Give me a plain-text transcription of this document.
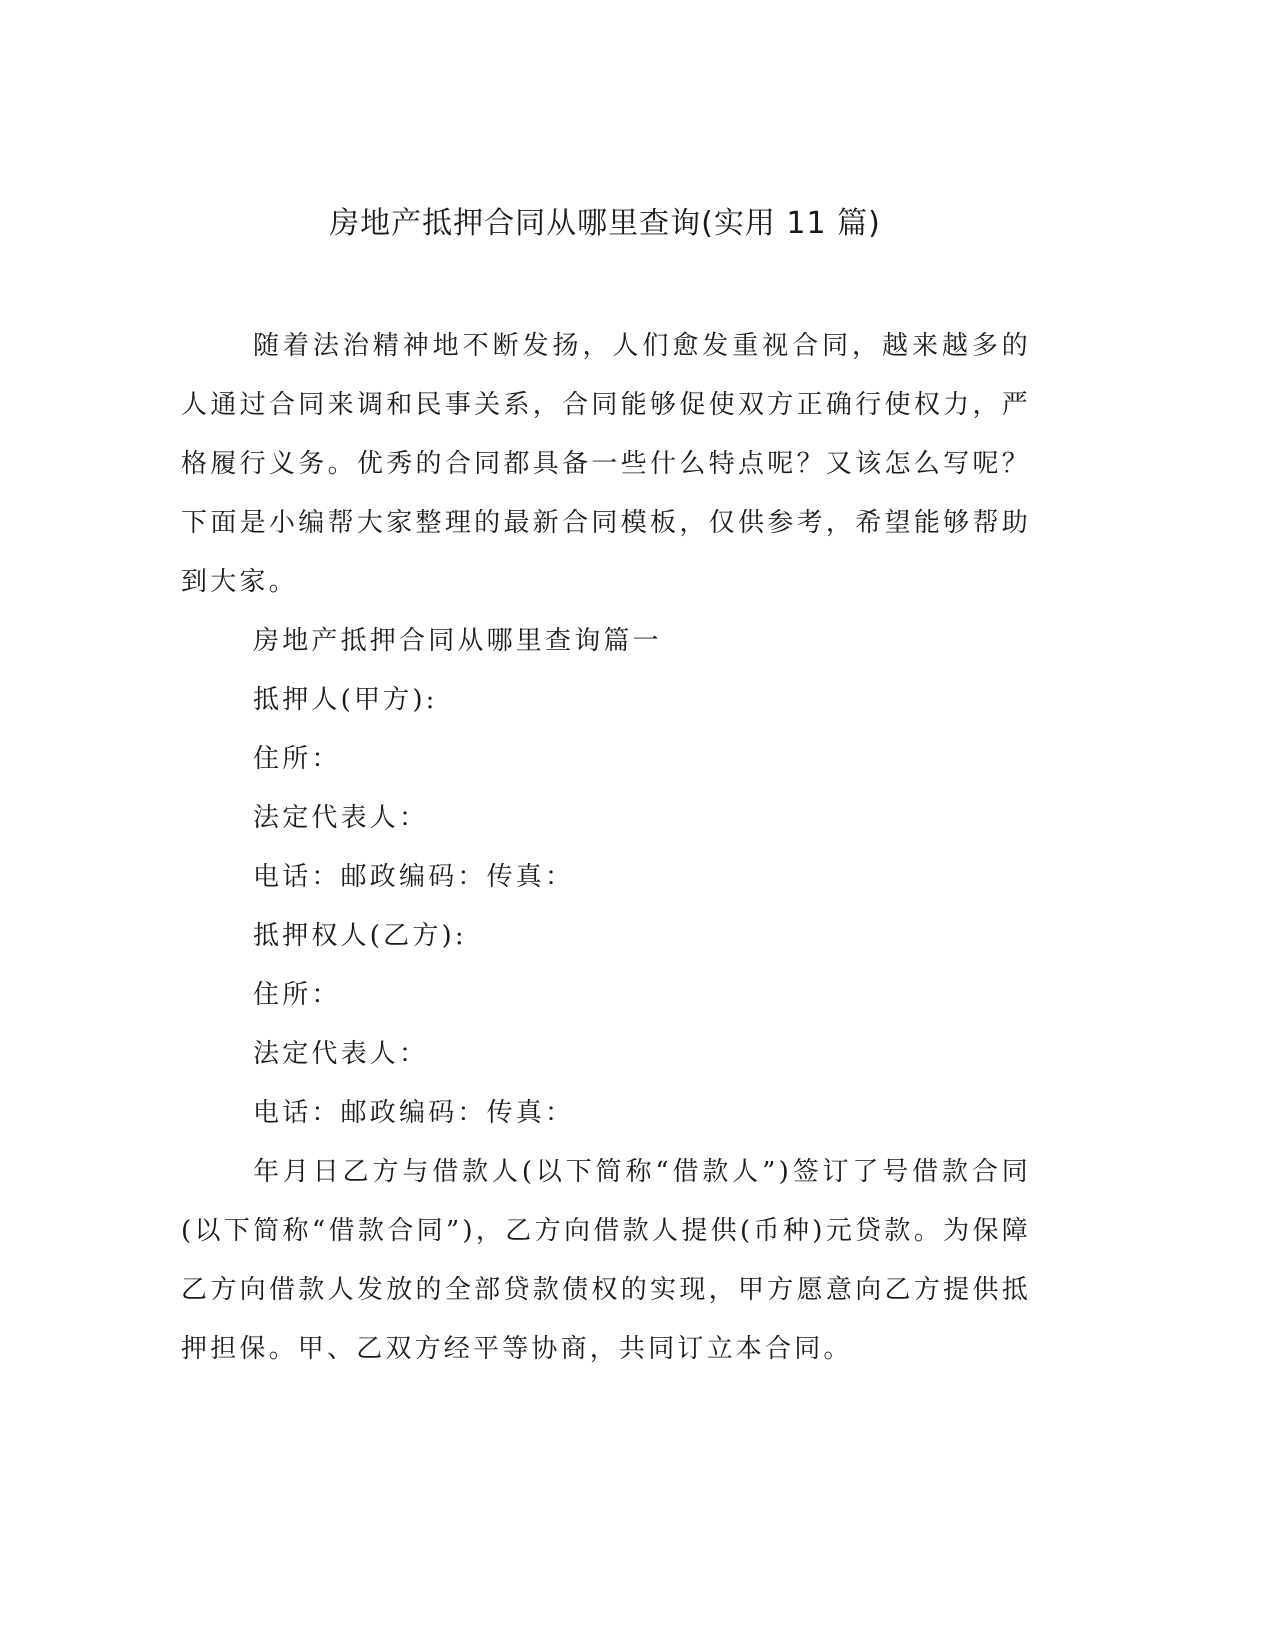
房地产抵押合同从哪里查询(实用 11 篇)

随着法治精神地不断发扬，人们愈发重视合同，越来越多的人通过合同来调和民事关系，合同能够促使双方正确行使权力，严格履行义务。优秀的合同都具备一些什么特点呢？又该怎么写呢？下面是小编帮大家整理的最新合同模板，仅供参考，希望能够帮助到大家。

房地产抵押合同从哪里查询篇一

抵押人(甲方):

住所：

法定代表人：

电话：邮政编码：传真：

抵押权人(乙方):

住所：

法定代表人：

电话：邮政编码：传真：

年月日乙方与借款人(以下简称“借款人”)签订了号借款合同(以下简称“借款合同”)，乙方向借款人提供(币种)元贷款。为保障乙方向借款人发放的全部贷款债权的实现，甲方愿意向乙方提供抵押担保。甲、乙双方经平等协商，共同订立本合同。
